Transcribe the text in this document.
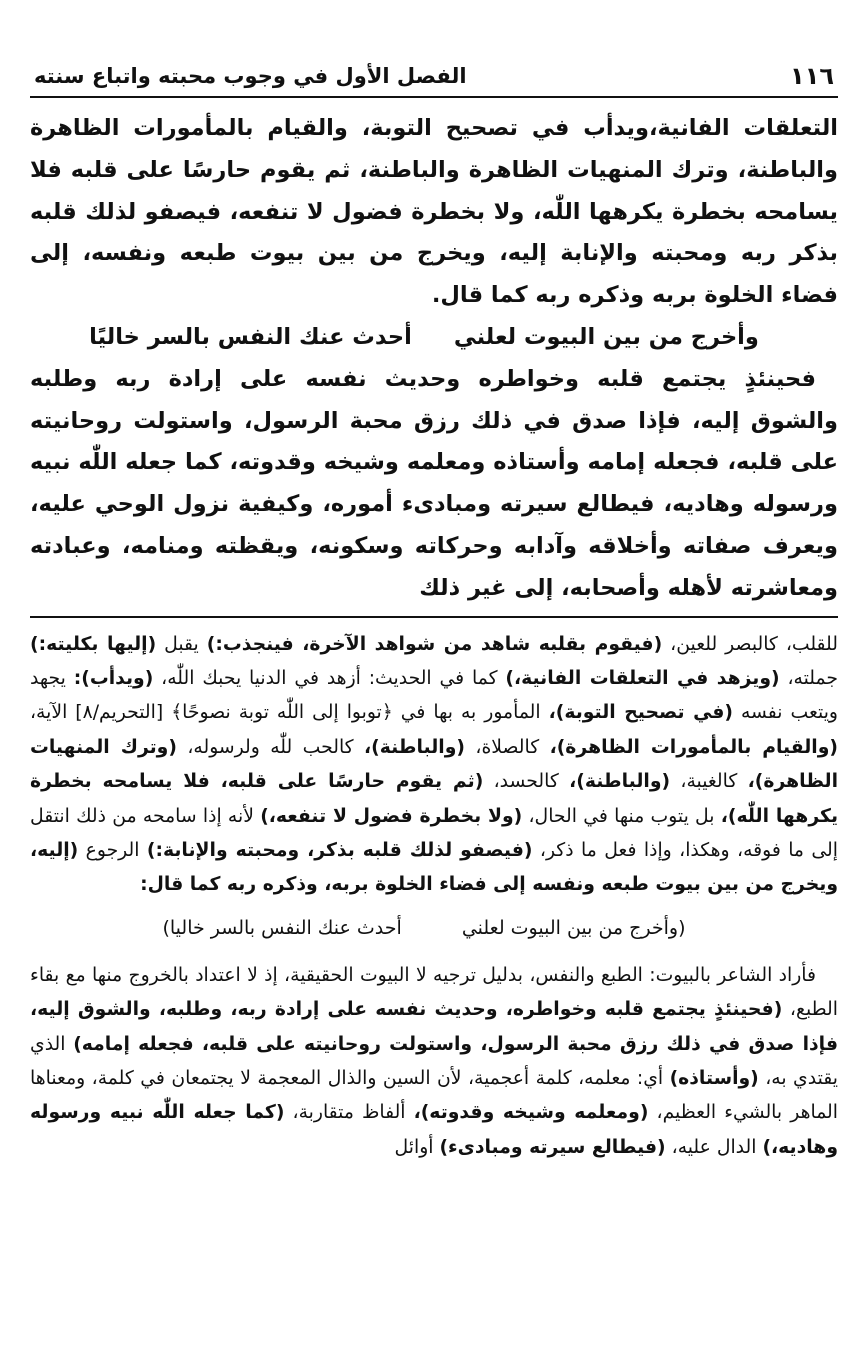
١١٦
الفصل الأول في وجوب محبته واتباع سنته

التعلقات الفانية،ويدأب في تصحيح التوبة، والقيام بالمأمورات الظاهرة والباطنة، وترك المنهيات الظاهرة والباطنة، ثم يقوم حارسًا على قلبه فلا يسامحه بخطرة يكرهها اللّٰه، ولا بخطرة فضول لا تنفعه، فيصفو لذلك قلبه بذكر ربه ومحبته والإنابة إليه، ويخرج من بين بيوت طبعه ونفسه، إلى فضاء الخلوة بربه وذكره ربه كما قال.

وأخرج من بين البيوت لعلني
أحدث عنك النفس بالسر خاليًا

فحينئذٍ يجتمع قلبه وخواطره وحديث نفسه على إرادة ربه وطلبه والشوق إليه، فإذا صدق في ذلك رزق محبة الرسول، واستولت روحانيته على قلبه، فجعله إمامه وأستاذه ومعلمه وشيخه وقدوته، كما جعله اللّٰه نبيه ورسوله وهاديه، فيطالع سيرته ومبادىء أموره، وكيفية نزول الوحي عليه، ويعرف صفاته وأخلاقه وآدابه وحركاته وسكونه، ويقظته ومنامه، وعبادته ومعاشرته لأهله وأصحابه، إلى غير ذلك

للقلب، كالبصر للعين، (فيقوم بقلبه شاهد من شواهد الآخرة، فينجذب:) يقبل (إليها بكليته:) جملته، (ويزهد في التعلقات الفانية،) كما في الحديث: أزهد في الدنيا يحبك اللّٰه، (ويدأب): يجهد ويتعب نفسه (في تصحيح التوبة)، المأمور به بها في ﴿توبوا إلى اللّٰه توبة نصوحًا﴾ [التحريم/٨] الآية، (والقيام بالمأمورات الظاهرة)، كالصلاة، (والباطنة)، كالحب للّٰه ولرسوله، (وترك المنهيات الظاهرة)، كالغيبة، (والباطنة)، كالحسد، (ثم يقوم حارسًا على قلبه، فلا يسامحه بخطرة يكرهها اللّٰه)، بل يتوب منها في الحال، (ولا بخطرة فضول لا تنفعه،) لأنه إذا سامحه من ذلك انتقل إلى ما فوقه، وهكذا، وإذا فعل ما ذكر، (فيصفو لذلك قلبه بذكر، ومحبته والإنابة:) الرجوع (إليه، ويخرج من بين بيوت طبعه ونفسه إلى فضاء الخلوة بربه، وذكره ربه كما قال:

(وأخرج من بين البيوت لعلني
أحدث عنك النفس بالسر خاليا)

فأراد الشاعر بالبيوت: الطبع والنفس، بدليل ترجيه لا البيوت الحقيقية، إذ لا اعتداد بالخروج منها مع بقاء الطبع، (فحينئذٍ يجتمع قلبه وخواطره، وحديث نفسه على إرادة ربه، وطلبه، والشوق إليه، فإذا صدق في ذلك رزق محبة الرسول، واستولت روحانيته على قلبه، فجعله إمامه) الذي يقتدي به، (وأستاذه) أي: معلمه، كلمة أعجمية، لأن السين والذال المعجمة لا يجتمعان في كلمة، ومعناها الماهر بالشيء العظيم، (ومعلمه وشيخه وقدوته)، ألفاظ متقاربة، (كما جعله اللّٰه نبيه ورسوله وهاديه،) الدال عليه، (فيطالع سيرته ومبادىء) أوائل
